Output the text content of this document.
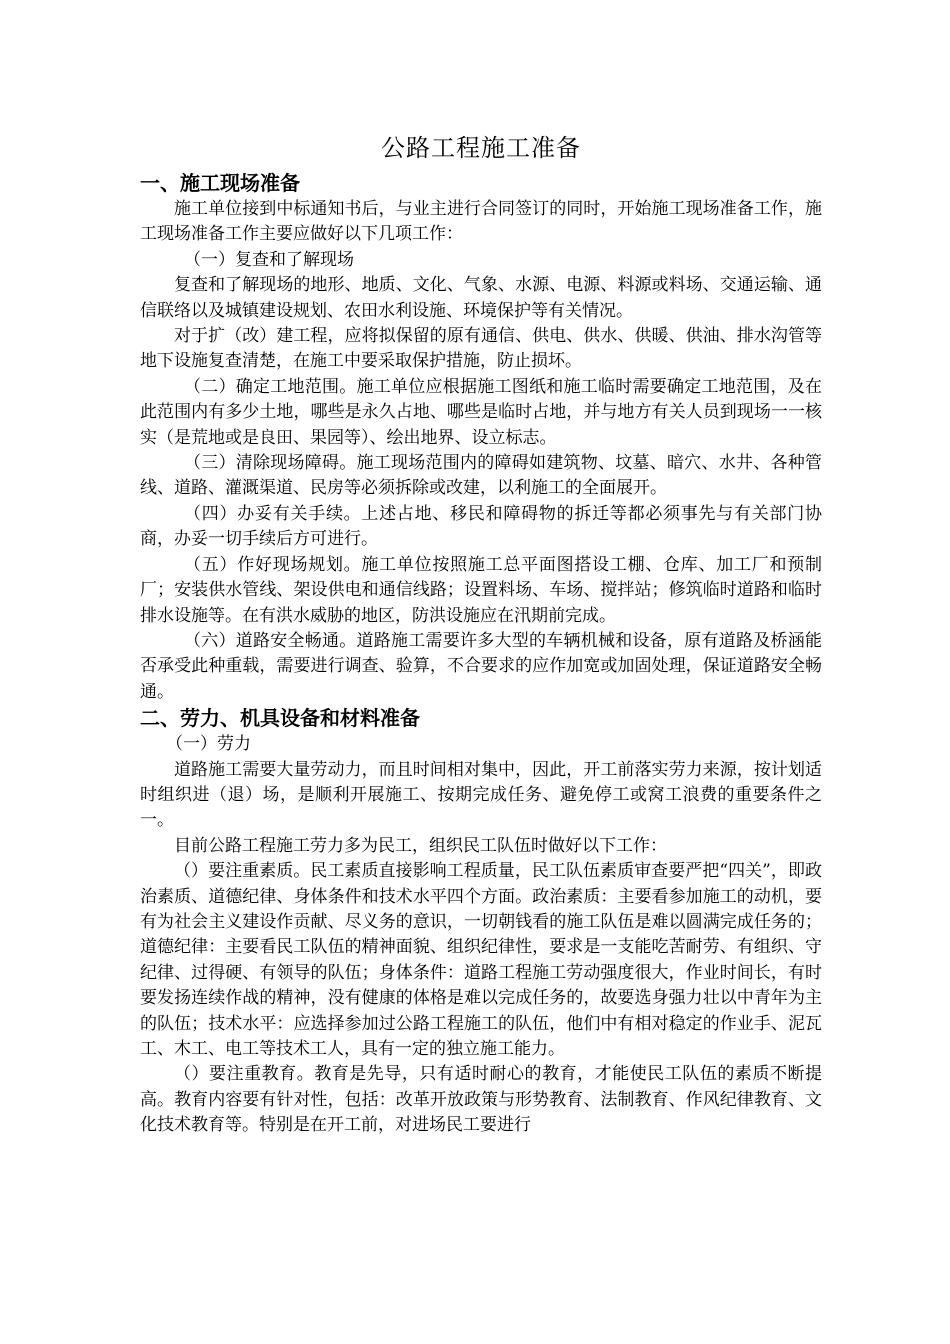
公路工程施工准备
一、施工现场准备

施工单位接到中标通知书后，与业主进行合同签订的同时，开始施工现场准备工作，施工现场准备工作主要应做好以下几项工作：

（一）复查和了解现场

复查和了解现场的地形、地质、文化、气象、水源、电源、料源或料场、交通运输、通信联络以及城镇建设规划、农田水利设施、环境保护等有关情况。

对于扩（改）建工程，应将拟保留的原有通信、供电、供水、供暖、供油、排水沟管等地下设施复查清楚，在施工中要采取保护措施，防止损坏。

（二）确定工地范围。施工单位应根据施工图纸和施工临时需要确定工地范围，及在此范围内有多少土地，哪些是永久占地、哪些是临时占地，并与地方有关人员到现场一一核实（是荒地或是良田、果园等）、绘出地界、设立标志。

（三）清除现场障碍。施工现场范围内的障碍如建筑物、坟墓、暗穴、水井、各种管线、道路、灌溉渠道、民房等必须拆除或改建，以利施工的全面展开。

（四）办妥有关手续。上述占地、移民和障碍物的拆迁等都必须事先与有关部门协商，办妥一切手续后方可进行。

（五）作好现场规划。施工单位按照施工总平面图搭设工棚、仓库、加工厂和预制厂；安装供水管线、架设供电和通信线路；设置料场、车场、搅拌站；修筑临时道路和临时排水设施等。在有洪水威胁的地区，防洪设施应在汛期前完成。

（六）道路安全畅通。道路施工需要许多大型的车辆机械和设备，原有道路及桥涵能否承受此种重载，需要进行调查、验算，不合要求的应作加宽或加固处理，保证道路安全畅通。

二、劳力、机具设备和材料准备

（一）劳力

道路施工需要大量劳动力，而且时间相对集中，因此，开工前落实劳力来源，按计划适时组织进（退）场，是顺利开展施工、按期完成任务、避免停工或窝工浪费的重要条件之一。

目前公路工程施工劳力多为民工，组织民工队伍时做好以下工作：

（）要注重素质。民工素质直接影响工程质量，民工队伍素质审查要严把“四关”，即政治素质、道德纪律、身体条件和技术水平四个方面。政治素质：主要看参加施工的动机，要有为社会主义建设作贡献、尽义务的意识，一切朝钱看的施工队伍是难以圆满完成任务的；道德纪律：主要看民工队伍的精神面貌、组织纪律性，要求是一支能吃苦耐劳、有组织、守纪律、过得硬、有领导的队伍；身体条件：道路工程施工劳动强度很大，作业时间长，有时要发扬连续作战的精神，没有健康的体格是难以完成任务的，故要选身强力壮以中青年为主的队伍；技术水平：应选择参加过公路工程施工的队伍，他们中有相对稳定的作业手、泥瓦工、木工、电工等技术工人，具有一定的独立施工能力。

（）要注重教育。教育是先导，只有适时耐心的教育，才能使民工队伍的素质不断提高。教育内容要有针对性，包括：改革开放政策与形势教育、法制教育、作风纪律教育、文化技术教育等。特别是在开工前，对进场民工要进行
